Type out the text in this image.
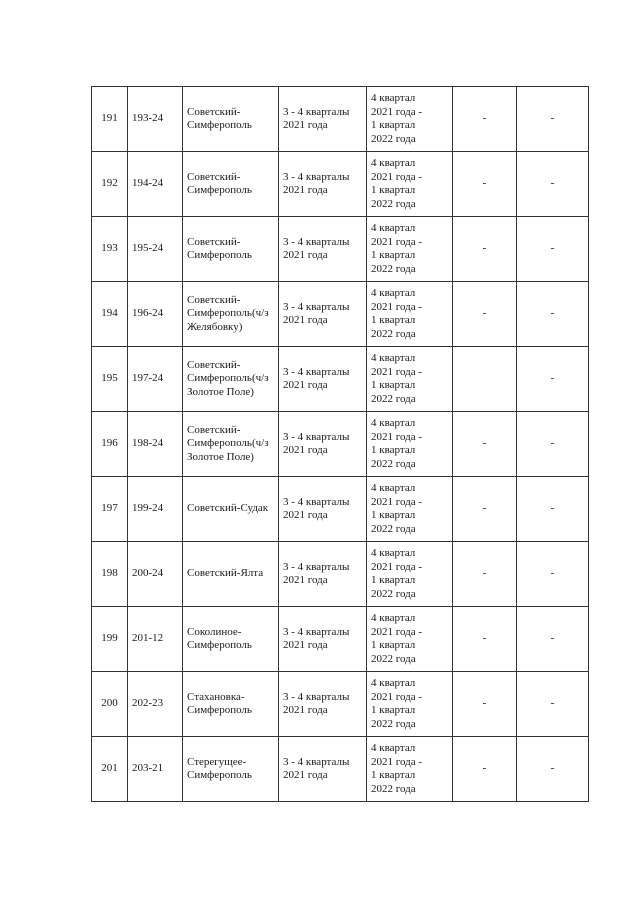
191	193-24	Советский-
Симферополь	3 - 4 кварталы
2021 года	4 квартал
2021 года -
1 квартал
2022 года	-	-

192	194-24	Советский-
Симферополь	3 - 4 кварталы
2021 года	4 квартал
2021 года -
1 квартал
2022 года	-	-

193	195-24	Советский-
Симферополь	3 - 4 кварталы
2021 года	4 квартал
2021 года -
1 квартал
2022 года	-	-

194	196-24	Советский-
Симферополь(ч/з
Желябовку)	3 - 4 кварталы
2021 года	4 квартал
2021 года -
1 квартал
2022 года	-	-

195	197-24	Советский-
Симферополь(ч/з
Золотое Поле)	3 - 4 кварталы
2021 года	4 квартал
2021 года -
1 квартал
2022 года		-

196	198-24	Советский-
Симферополь(ч/з
Золотое Поле)	3 - 4 кварталы
2021 года	4 квартал
2021 года -
1 квартал
2022 года	-	-

197	199-24	Советский-Судак	3 - 4 кварталы
2021 года	4 квартал
2021 года -
1 квартал
2022 года	-	-

198	200-24	Советский-Ялта	3 - 4 кварталы
2021 года	4 квартал
2021 года -
1 квартал
2022 года	-	-

199	201-12	Соколиное-
Симферополь	3 - 4 кварталы
2021 года	4 квартал
2021 года -
1 квартал
2022 года	-	-

200	202-23	Стахановка-
Симферополь	3 - 4 кварталы
2021 года	4 квартал
2021 года -
1 квартал
2022 года	-	-

201	203-21	Стерегущее-
Симферополь	3 - 4 кварталы
2021 года	4 квартал
2021 года -
1 квартал
2022 года	-	-
